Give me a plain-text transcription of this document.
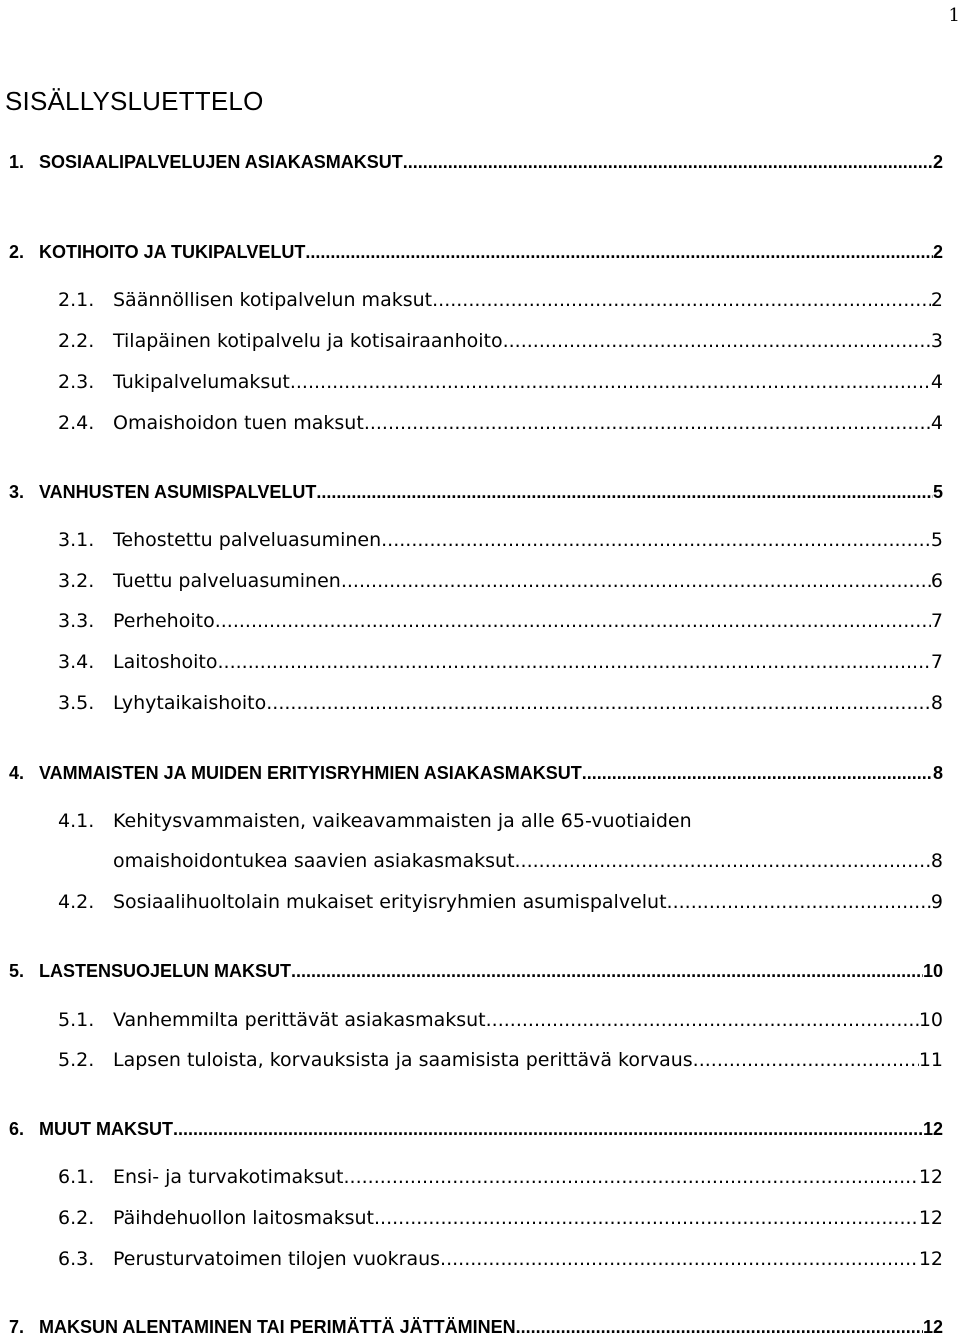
1
SISÄLLYSLUETTELO
1. SOSIAALIPALVELUJEN ASIAKASMAKSUT .....	2
2. KOTIHOITO JA TUKIPALVELUT .....	2
2.1. Säännöllisen kotipalvelun maksut .....	2
2.2. Tilapäinen kotipalvelu ja kotisairaanhoito .....	3
2.3. Tukipalvelumaksut .....	4
2.4. Omaishoidon tuen maksut .....	4
3. VANHUSTEN ASUMISPALVELUT .....	5
3.1. Tehostettu palveluasuminen .....	5
3.2. Tuettu palveluasuminen .....	6
3.3. Perhehoito .....	7
3.4. Laitoshoito .....	7
3.5. Lyhytaikaishoito .....	8
4. VAMMAISTEN JA MUIDEN ERITYISRYHMIEN ASIAKASMAKSUT .....	8
4.1. Kehitysvammaisten, vaikeavammaisten ja alle 65-vuotiaiden
omaishoidontukea saavien asiakasmaksut .....	8
4.2. Sosiaalihuoltolain mukaiset erityisryhmien asumispalvelut .....	9
5. LASTENSUOJELUN MAKSUT .....	10
5.1. Vanhemmilta perittävät asiakasmaksut .....	10
5.2. Lapsen tuloista, korvauksista ja saamisista perittävä korvaus .....	11
6. MUUT MAKSUT .....	12
6.1. Ensi- ja turvakotimaksut .....	12
6.2. Päihdehuollon laitosmaksut .....	12
6.3. Perusturvatoimen tilojen vuokraus .....	12
7. MAKSUN ALENTAMINEN TAI PERIMÄTTÄ JÄTTÄMINEN .....	12
